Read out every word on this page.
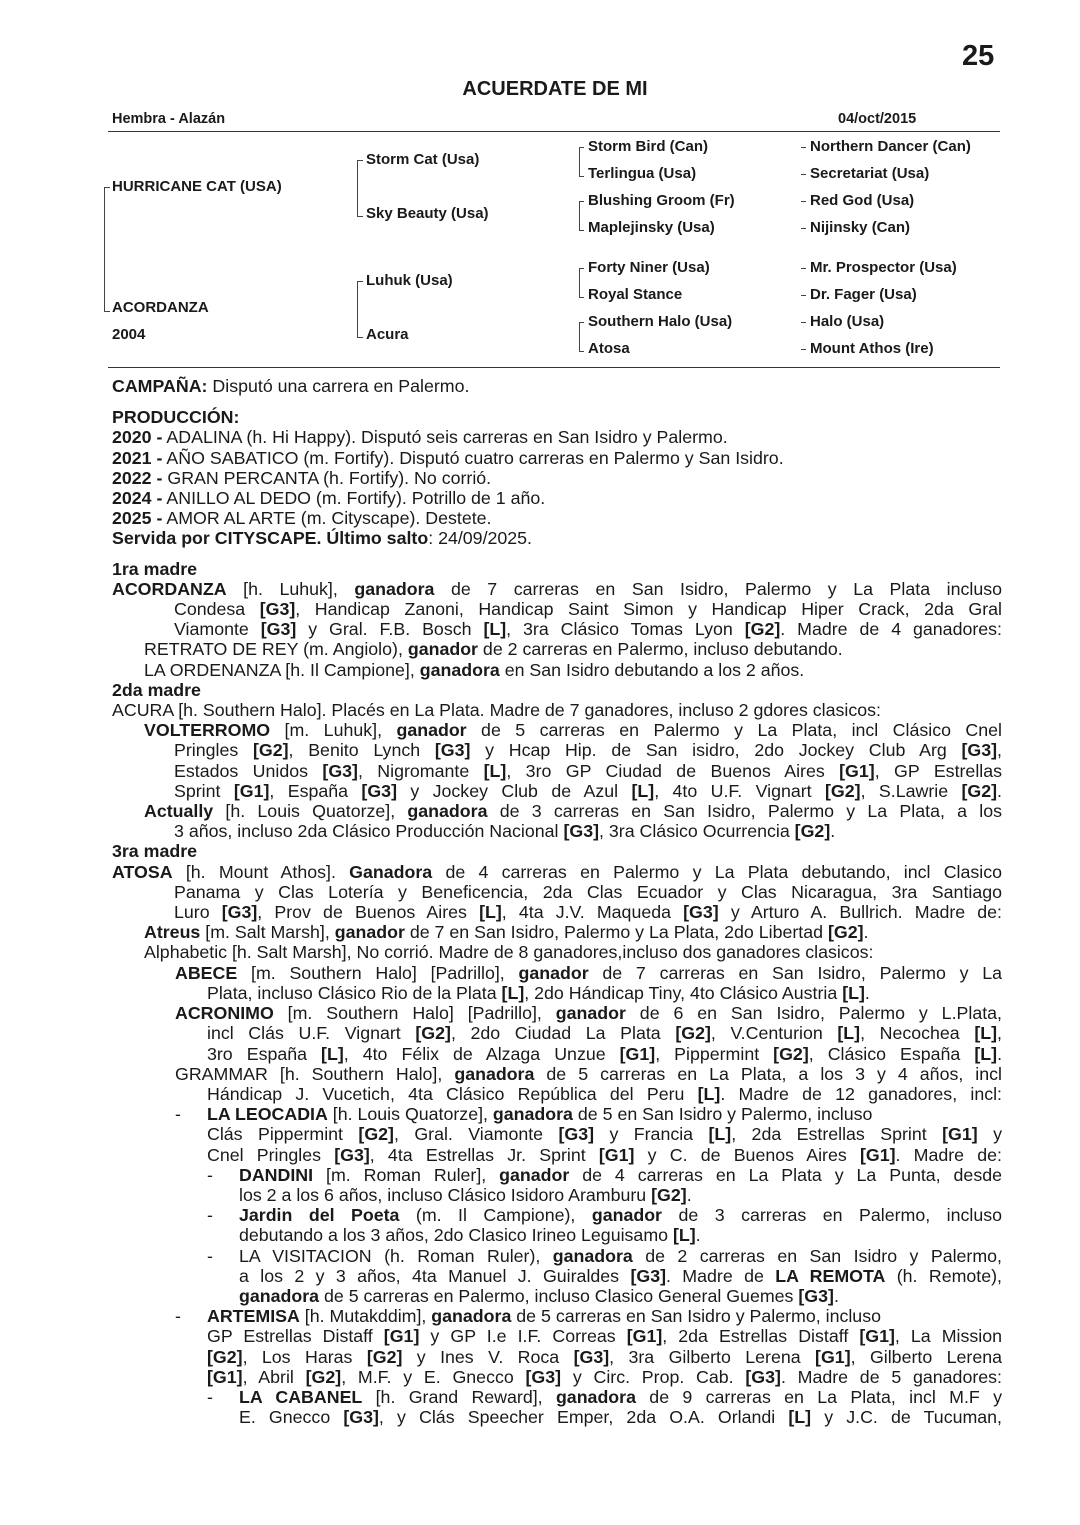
25
ACUERDATE DE MI
Hembra - Alazán	04/oct/2015
HURRICANE CAT (USA)
ACORDANZA
2004
Storm Cat (Usa)
Sky Beauty (Usa)
Luhuk (Usa)
Acura
Storm Bird (Can)
Terlingua (Usa)
Blushing Groom (Fr)
Maplejinsky (Usa)
Forty Niner (Usa)
Royal Stance
Southern Halo (Usa)
Atosa
Northern Dancer (Can)
Secretariat (Usa)
Red God (Usa)
Nijinsky (Can)
Mr. Prospector (Usa)
Dr. Fager (Usa)
Halo (Usa)
Mount Athos (Ire)

CAMPAÑA: Disputó una carrera en Palermo.

PRODUCCIÓN:

2020 - ADALINA (h. Hi Happy). Disputó seis carreras en San Isidro y Palermo.

2021 - AÑO SABATICO (m. Fortify). Disputó cuatro carreras en Palermo y San Isidro.

2022 - GRAN PERCANTA (h. Fortify). No corrió.

2024 - ANILLO AL DEDO (m. Fortify). Potrillo de 1 año.

2025 - AMOR AL ARTE (m. Cityscape). Destete.

Servida por CITYSCAPE. Último salto: 24/09/2025.

1ra madre

ACORDANZA [h. Luhuk], ganadora de 7 carreras en San Isidro, Palermo y La Plata incluso

Condesa [G3], Handicap Zanoni, Handicap Saint Simon y Handicap Hiper Crack, 2da Gral

Viamonte [G3] y Gral. F.B. Bosch [L], 3ra Clásico Tomas Lyon [G2]. Madre de 4 ganadores:

RETRATO DE REY (m. Angiolo), ganador de 2 carreras en Palermo, incluso debutando.

LA ORDENANZA [h. Il Campione], ganadora en San Isidro debutando a los 2 años.

2da madre

ACURA [h. Southern Halo]. Placés en La Plata. Madre de 7 ganadores, incluso 2 gdores clasicos:

VOLTERROMO [m. Luhuk], ganador de 5 carreras en Palermo y La Plata, incl Clásico Cnel

Pringles [G2], Benito Lynch [G3] y Hcap Hip. de San isidro, 2do Jockey Club Arg [G3],

Estados Unidos [G3], Nigromante [L], 3ro GP Ciudad de Buenos Aires [G1], GP Estrellas

Sprint [G1], España [G3] y Jockey Club de Azul [L], 4to U.F. Vignart [G2], S.Lawrie [G2].

Actually [h. Louis Quatorze], ganadora de 3 carreras en San Isidro, Palermo y La Plata, a los

3 años, incluso 2da Clásico Producción Nacional [G3], 3ra Clásico Ocurrencia [G2].

3ra madre

ATOSA [h. Mount Athos]. Ganadora de 4 carreras en Palermo y La Plata debutando, incl Clasico

Panama y Clas Lotería y Beneficencia, 2da Clas Ecuador y Clas Nicaragua, 3ra Santiago

Luro [G3], Prov de Buenos Aires [L], 4ta J.V. Maqueda [G3] y Arturo A. Bullrich. Madre de:

Atreus [m. Salt Marsh], ganador de 7 en San Isidro, Palermo y La Plata, 2do Libertad [G2].

Alphabetic [h. Salt Marsh], No corrió. Madre de 8 ganadores,incluso dos ganadores clasicos:

ABECE [m. Southern Halo] [Padrillo], ganador de 7 carreras en San Isidro, Palermo y La

Plata, incluso Clásico Rio de la Plata [L], 2do Hándicap Tiny, 4to Clásico Austria [L].

ACRONIMO [m. Southern Halo] [Padrillo], ganador de 6 en San Isidro, Palermo y L.Plata,

incl Clás U.F. Vignart [G2], 2do Ciudad La Plata [G2], V.Centurion [L], Necochea [L],

3ro España [L], 4to Félix de Alzaga Unzue [G1], Pippermint [G2], Clásico España [L].

GRAMMAR [h. Southern Halo], ganadora de 5 carreras en La Plata, a los 3 y 4 años, incl

Hándicap J. Vucetich, 4ta Clásico República del Peru [L]. Madre de 12 ganadores, incl:

- LA LEOCADIA [h. Louis Quatorze], ganadora de 5 en San Isidro y Palermo, incluso

Clás Pippermint [G2], Gral. Viamonte [G3] y Francia [L], 2da Estrellas Sprint [G1] y

Cnel Pringles [G3], 4ta Estrellas Jr. Sprint [G1] y C. de Buenos Aires [G1]. Madre de:

- DANDINI [m. Roman Ruler], ganador de 4 carreras en La Plata y La Punta, desde

los 2 a los 6 años, incluso Clásico Isidoro Aramburu [G2].

- Jardin del Poeta (m. Il Campione), ganador de 3 carreras en Palermo, incluso

debutando a los 3 años, 2do Clasico Irineo Leguisamo [L].

- LA VISITACION (h. Roman Ruler), ganadora de 2 carreras en San Isidro y Palermo,

a los 2 y 3 años, 4ta Manuel J. Guiraldes [G3]. Madre de LA REMOTA (h. Remote),

ganadora de 5 carreras en Palermo, incluso Clasico General Guemes [G3].

- ARTEMISA [h. Mutakddim], ganadora de 5 carreras en San Isidro y Palermo, incluso

GP Estrellas Distaff [G1] y GP I.e I.F. Correas [G1], 2da Estrellas Distaff [G1], La Mission

[G2], Los Haras [G2] y Ines V. Roca [G3], 3ra Gilberto Lerena [G1], Gilberto Lerena

[G1], Abril [G2], M.F. y E. Gnecco [G3] y Circ. Prop. Cab. [G3]. Madre de 5 ganadores:

- LA CABANEL [h. Grand Reward], ganadora de 9 carreras en La Plata, incl M.F y

E. Gnecco [G3], y Clás Speecher Emper, 2da O.A. Orlandi [L] y J.C. de Tucuman,
